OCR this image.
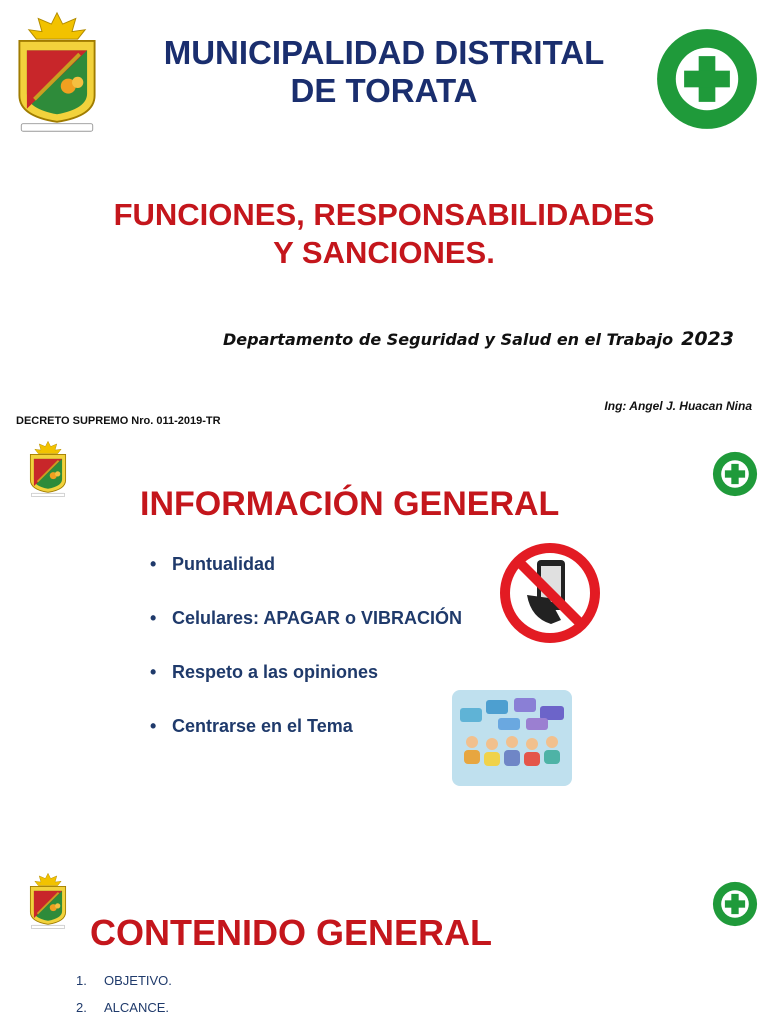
MUNICIPALIDAD DISTRITAL
DE TORATA
FUNCIONES, RESPONSABILIDADES
Y SANCIONES.
Departamento de Seguridad y Salud en el Trabajo 2023
Ing: Angel J. Huacan Nina
DECRETO SUPREMO Nro. 011-2019-TR
INFORMACIÓN GENERAL
• Puntualidad
• Celulares: APAGAR o VIBRACIÓN
• Respeto a las opiniones
• Centrarse en el Tema
CONTENIDO GENERAL
1. OBJETIVO.
2. ALCANCE.
